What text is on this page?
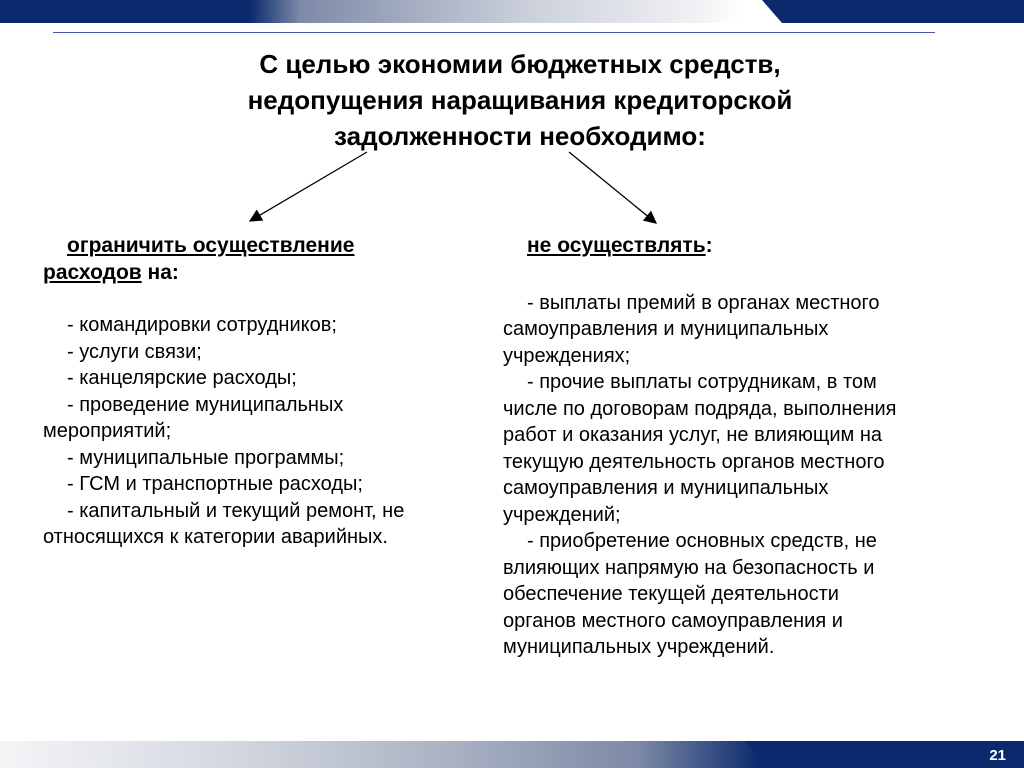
С целью экономии бюджетных средств,
недопущения наращивания кредиторской
задолженности необходимо:
ограничить осуществление
расходов на:
- командировки сотрудников;
- услуги связи;
- канцелярские расходы;
- проведение муниципальных
мероприятий;
- муниципальные программы;
- ГСМ и транспортные расходы;
- капитальный и текущий ремонт, не
относящихся к категории аварийных.
не осуществлять:
- выплаты премий в органах местного
самоуправления и муниципальных
учреждениях;
- прочие выплаты сотрудникам, в том
числе по договорам подряда, выполнения
работ и оказания услуг, не влияющим на
текущую деятельность органов местного
самоуправления и муниципальных
учреждений;
- приобретение основных средств, не
влияющих напрямую на безопасность и
обеспечение текущей деятельности
органов местного самоуправления и
муниципальных учреждений.
21
